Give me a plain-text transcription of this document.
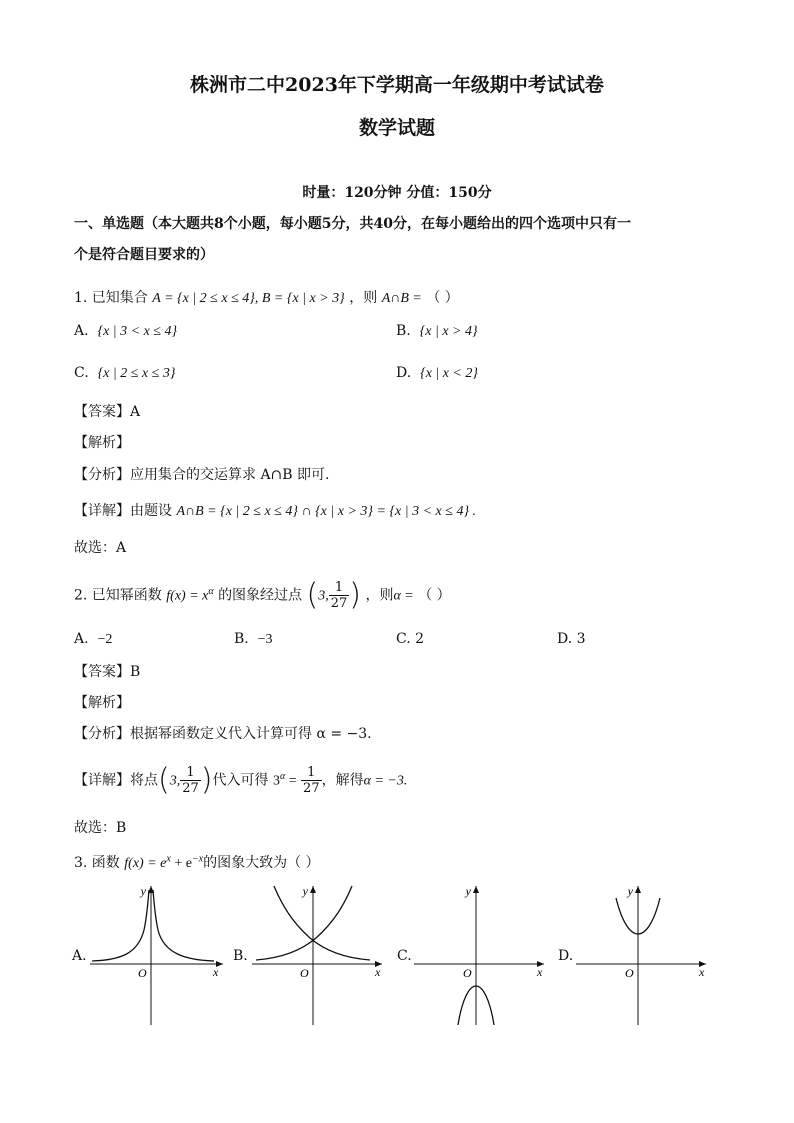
株洲市二中2023年下学期高一年级期中考试试卷
数学试题
时量：120分钟 分值：150分
一、单选题（本大题共8个小题，每小题5分，共40分，在每小题给出的四个选项中只有一
个是符合题目要求的）
1. 已知集合 A = {x | 2 ≤ x ≤ 4}, B = {x | x > 3} ，则 A∩B = （ ）
A. {x | 3 < x ≤ 4}	B. {x | x > 4}
C. {x | 2 ≤ x ≤ 3}	D. {x | x < 2}
【答案】A
【解析】
【分析】应用集合的交运算求 A∩B 即可.
【详解】由题设 A∩B = {x | 2 ≤ x ≤ 4} ∩ {x | x > 3} = {x | 3 < x ≤ 4} .
故选：A
2. 已知幂函数 $f(x) = x^\alpha$ 的图象经过点 (3, $\frac{1}{27}$ ) ，则α = （ ）
A. −2	B. −3	C. 2	D. 3
【答案】B
【解析】
【分析】根据幂函数定义代入计算可得 α = −3.
【详解】将点(3, $\frac{1}{27}$ )代入可得 $3^\alpha = \frac{1}{27}$ ，解得α = −3.
故选：B
3. 函数 $f(x) = e^x + e^{-x}$的图象大致为（ ）
A.	B.	C.	D.
y
x
O
y
x
O
y
x
O
y
x
O
